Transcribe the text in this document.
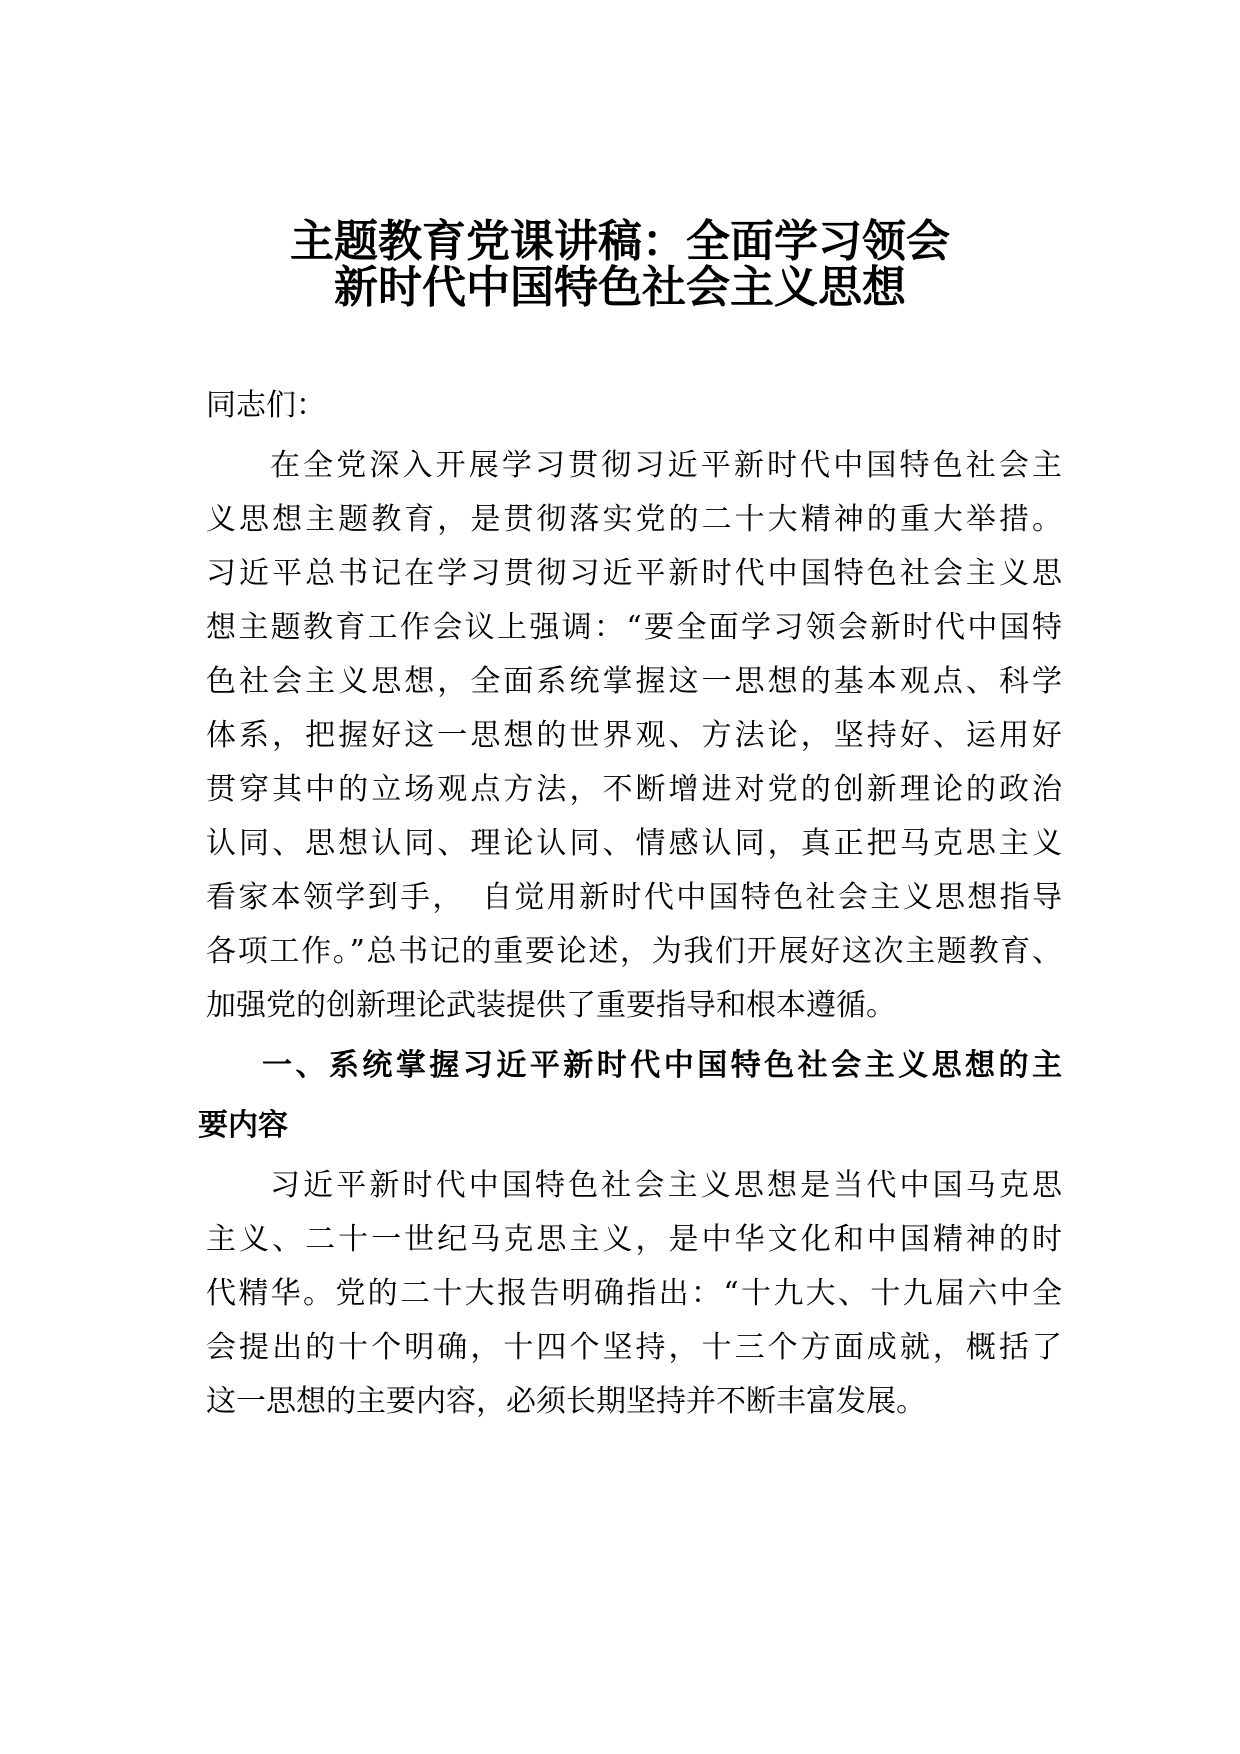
主题教育党课讲稿：全面学习领会
新时代中国特色社会主义思想
同志们：
在全党深入开展学习贯彻习近平新时代中国特色社会主
义思想主题教育，是贯彻落实党的二十大精神的重大举措。
习近平总书记在学习贯彻习近平新时代中国特色社会主义思
想主题教育工作会议上强调：“要全面学习领会新时代中国特
色社会主义思想，全面系统掌握这一思想的基本观点、科学
体系，把握好这一思想的世界观、方法论，坚持好、运用好
贯穿其中的立场观点方法，不断增进对党的创新理论的政治
认同、思想认同、理论认同、情感认同，真正把马克思主义
看家本领学到手，　自觉用新时代中国特色社会主义思想指导
各项工作。”总书记的重要论述，为我们开展好这次主题教育、
加强党的创新理论武装提供了重要指导和根本遵循。
一、系统掌握习近平新时代中国特色社会主义思想的主
要内容
习近平新时代中国特色社会主义思想是当代中国马克思
主义、二十一世纪马克思主义，是中华文化和中国精神的时
代精华。党的二十大报告明确指出：“十九大、十九届六中全
会提出的十个明确，十四个坚持，十三个方面成就，概括了
这一思想的主要内容，必须长期坚持并不断丰富发展。
